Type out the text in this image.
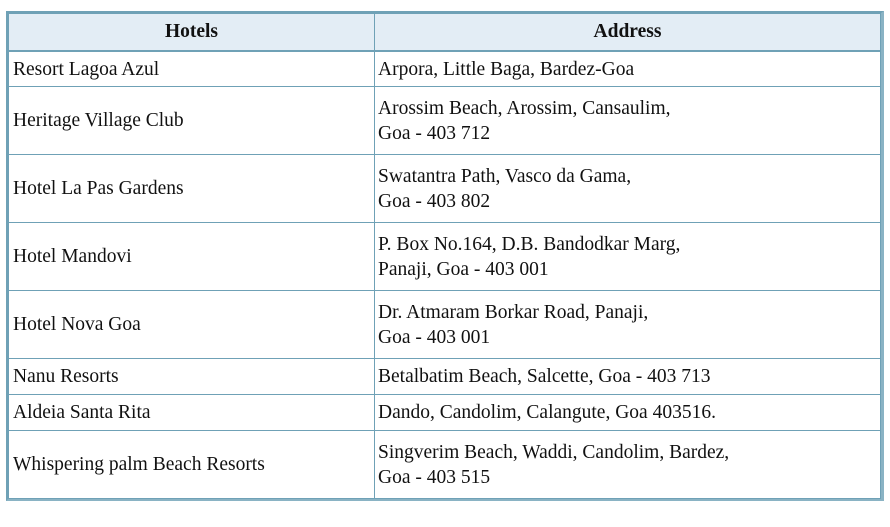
Hotels	Address
Resort Lagoa Azul	Arpora, Little Baga, Bardez-Goa

Heritage Village Club	Arossim Beach, Arossim, Cansaulim,
Goa - 403 712

Hotel La Pas Gardens	Swatantra Path, Vasco da Gama,
Goa - 403 802

Hotel Mandovi	P. Box No.164, D.B. Bandodkar Marg,
Panaji, Goa - 403 001

Hotel Nova Goa	Dr. Atmaram Borkar Road, Panaji,
Goa - 403 001

Nanu Resorts	Betalbatim Beach, Salcette, Goa - 403 713

Aldeia Santa Rita	Dando, Candolim, Calangute, Goa 403516.

Whispering palm Beach Resorts	Singverim Beach, Waddi, Candolim, Bardez,
Goa - 403 515
